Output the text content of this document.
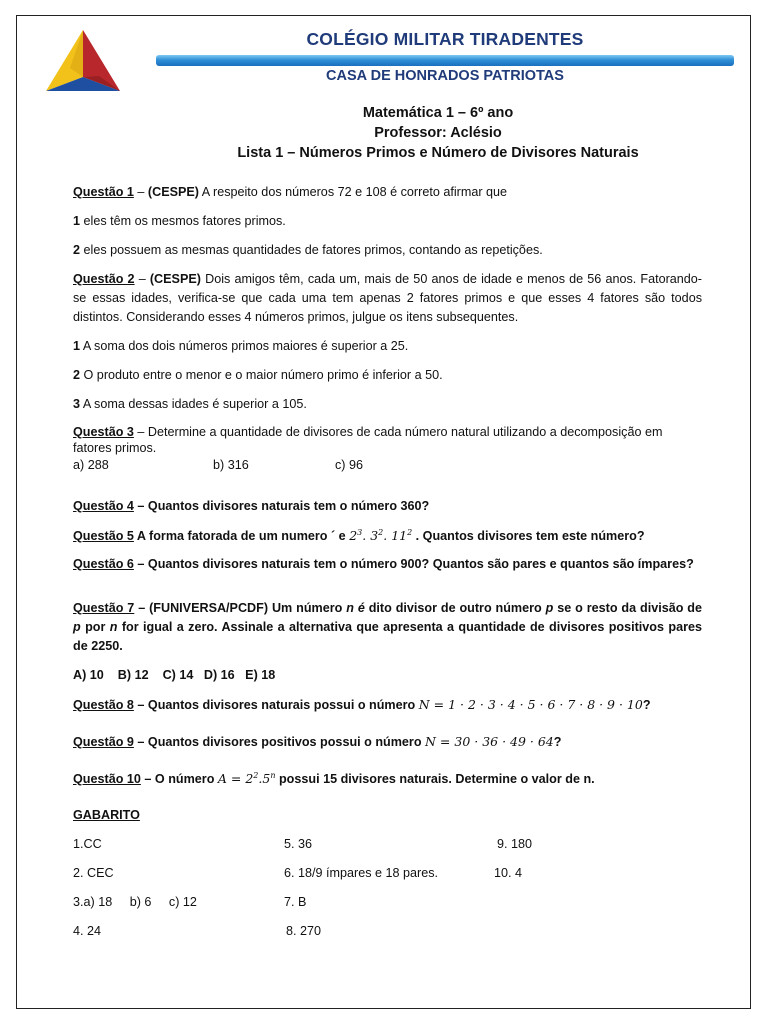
COLÉGIO MILITAR TIRADENTES
CASA DE HONRADOS PATRIOTAS
Matemática 1 – 6º ano
Professor: Aclésio
Lista 1 – Números Primos e Número de Divisores Naturais

Questão 1 – (CESPE) A respeito dos números 72 e 108 é correto afirmar que

1 eles têm os mesmos fatores primos.

2 eles possuem as mesmas quantidades de fatores primos, contando as repetições.

Questão 2 – (CESPE) Dois amigos têm, cada um, mais de 50 anos de idade e menos de 56 anos. Fatorando-se essas idades, verifica-se que cada uma tem apenas 2 fatores primos e que esses 4 fatores são todos distintos. Considerando esses 4 números primos, julgue os itens subsequentes.

1 A soma dos dois números primos maiores é superior a 25.

2 O produto entre o menor e o maior número primo é inferior a 50.

3 A soma dessas idades é superior a 105.

Questão 3 – Determine a quantidade de divisores de cada número natural utilizando a decomposição em fatores primos.

a) 288	b) 316	c) 96

Questão 4 – Quantos divisores naturais tem o número 360?

Questão 5 A forma fatorada de um numero ´ e $2^3$. $3^2$. $11^2$ . Quantos divisores tem este número?

Questão 6 – Quantos divisores naturais tem o número 900? Quantos são pares e quantos são ímpares?

Questão 7 – (FUNIVERSA/PCDF) Um número n é dito divisor de outro número p se o resto da divisão de p por n for igual a zero. Assinale a alternativa que apresenta a quantidade de divisores positivos pares de 2250.

A) 10    B) 12    C) 14   D) 16   E) 18

Questão 8 – Quantos divisores naturais possui o número N = 1 · 2 · 3 · 4 · 5 · 6 · 7 · 8 · 9 · 10?

Questão 9 – Quantos divisores positivos possui o número N = 30 · 36 · 49 · 64?

Questão 10 – O número $A = 2^2.5^n$ possui 15 divisores naturais. Determine o valor de n.

GABARITO

1.CC	5. 36	9. 180
2. CEC	6. 18/9 ímpares e 18 pares.	10. 4
3.a) 18     b) 6     c) 12	7. B
4. 24	8. 270
